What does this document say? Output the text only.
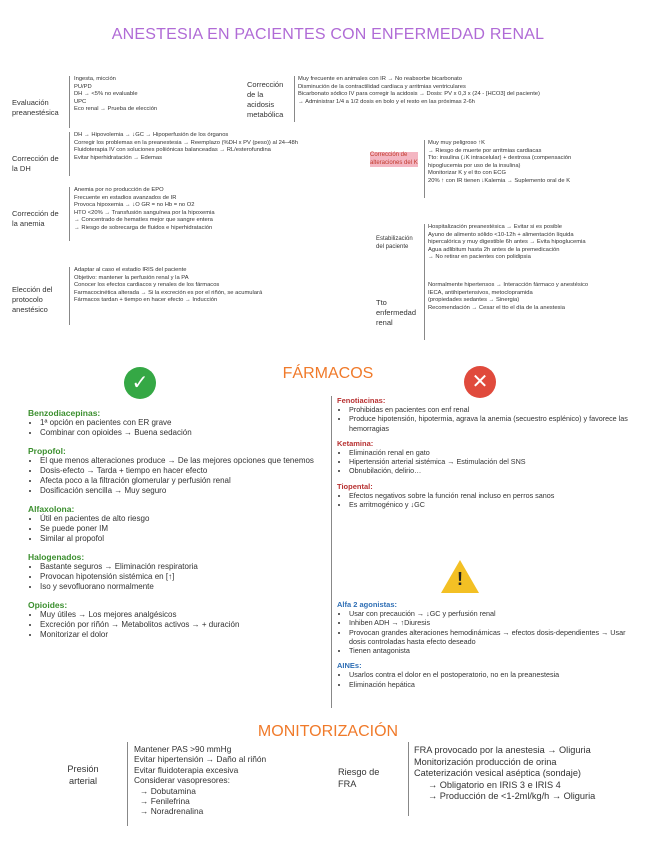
ANESTESIA EN PACIENTES CON ENFERMEDAD RENAL
Evaluación preanestésica
Ingesta, micción
PU/PD
DH → <5% no evaluable
UPC
Eco renal → Prueba de elección
Corrección de la DH
DH → Hipovolemia → ↓GC → Hipoperfusión de los órganos
Corregir los problemas en la preanestesia → Reemplazo (%DH x PV (peso)) al 24–48h
Fluidoterapia IV con soluciones poliiónicas balanceadas → RL/esterofundina
Evitar hiperhidratación → Edemas
Corrección de la anemia
Anemia por no producción de EPO
Frecuente en estadios avanzados de IR
Provoca hipoxemia → ↓O GR = no Hb = no O2
HTO <20% → Transfusión sanguínea por la hipoxemia
→ Concentrado de hematíes mejor que sangre entera
→ Riesgo de sobrecarga de fluidos e hiperhidratación
Elección del protocolo anestésico
Adaptar al caso el estadio IRIS del paciente
Objetivo: mantener la perfusión renal y la PA
Conocer los efectos cardiacos y renales de los fármacos
Farmacocinética alterada → Si la excreción es por el riñón, se acumulará
Fármacos tardan + tiempo en hacer efecto → Inducción
Corrección de la acidosis metabólica
Muy frecuente en animales con IR → No reabsorbe bicarbonato
Disminución de la contractilidad cardiaca y arritmias ventriculares
Bicarbonato sódico IV para corregir la acidosis → Dosis: PV x 0,3 x (24 - [HCO3] del paciente)
→ Administrar 1/4 a 1/2 dosis en bolo y el resto en las próximas 2-6h
Corrección de alteraciones del K
Muy muy peligroso ↑K
→ Riesgo de muerte por arritmias cardiacas
Tto: insulina (↓K intracelular) + dextrosa (compensación
hipoglucemia por uso de la insulina)
Monitorizar K y el tto con ECG
20% ↑ con IR tienen ↓Kalemia → Suplemento oral de K
Estabilización del paciente
Hospitalización preanestésica → Evitar si es posible
Ayuno de alimento sólido <10-12h + alimentación líquida
hipercalórica y muy digestible 6h antes → Evita hipoglucemia
Agua adlibitum hasta 2h antes de la premedicación
→ No retirar en pacientes con polidipsia
Tto enfermedad renal
Normalmente hipertensos → Interacción fármaco y anestésico
IECA, antihipertensivos, metoclopramida
(propiedades sedantes → Sinergia)
Recomendación → Cesar el tto el día de la anestesia
✓	FÁRMACOS	✕
Benzodiacepinas:
• 1ª opción en pacientes con ER grave
• Combinar con opioides → Buena sedación
Propofol:
• El que menos alteraciones produce → De las mejores opciones que tenemos
• Dosis-efecto → Tarda + tiempo en hacer efecto
• Afecta poco a la filtración glomerular y perfusión renal
• Dosificación sencilla → Muy seguro
Alfaxolona:
• Útil en pacientes de alto riesgo
• Se puede poner IM
• Similar al propofol
Halogenados:
• Bastante seguros → Eliminación respiratoria
• Provocan hipotensión sistémica en [↑]
• Iso y sevofluorano normalmente
Opioides:
• Muy útiles → Los mejores analgésicos
• Excreción por riñón → Metabolitos activos → + duración
• Monitorizar el dolor
Fenotiacinas:
• Prohibidas en pacientes con enf renal
• Produce hipotensión, hipotermia, agrava la anemia (secuestro esplénico) y favorece las hemorragias
Ketamina:
• Eliminación renal en gato
• Hipertensión arterial sistémica → Estimulación del SNS
• Obnubilación, delirio…
Tiopental:
• Efectos negativos sobre la función renal incluso en perros sanos
• Es arritmogénico y ↓GC
!
Alfa 2 agonistas:
• Usar con precaución → ↓GC y perfusión renal
• Inhiben ADH → ↑Diuresis
• Provocan grandes alteraciones hemodinámicas → efectos dosis-dependientes → Usar dosis controladas hasta efecto deseado
• Tienen antagonista
AINEs:
• Usarlos contra el dolor en el postoperatorio, no en la preanestesia
• Eliminación hepática
MONITORIZACIÓN
Presión arterial
Mantener PAS >90 mmHg
Evitar hipertensión → Daño al riñón
Evitar fluidoterapia excesiva
Considerar vasopresores:
→ Dobutamina
→ Fenilefrina
→ Noradrenalina
Riesgo de FRA
FRA provocado por la anestesia → Oliguria
Monitorización producción de orina
Cateterización vesical aséptica (sondaje)
→ Obligatorio en IRIS 3 e IRIS 4
→ Producción de <1-2ml/kg/h → Oliguria
